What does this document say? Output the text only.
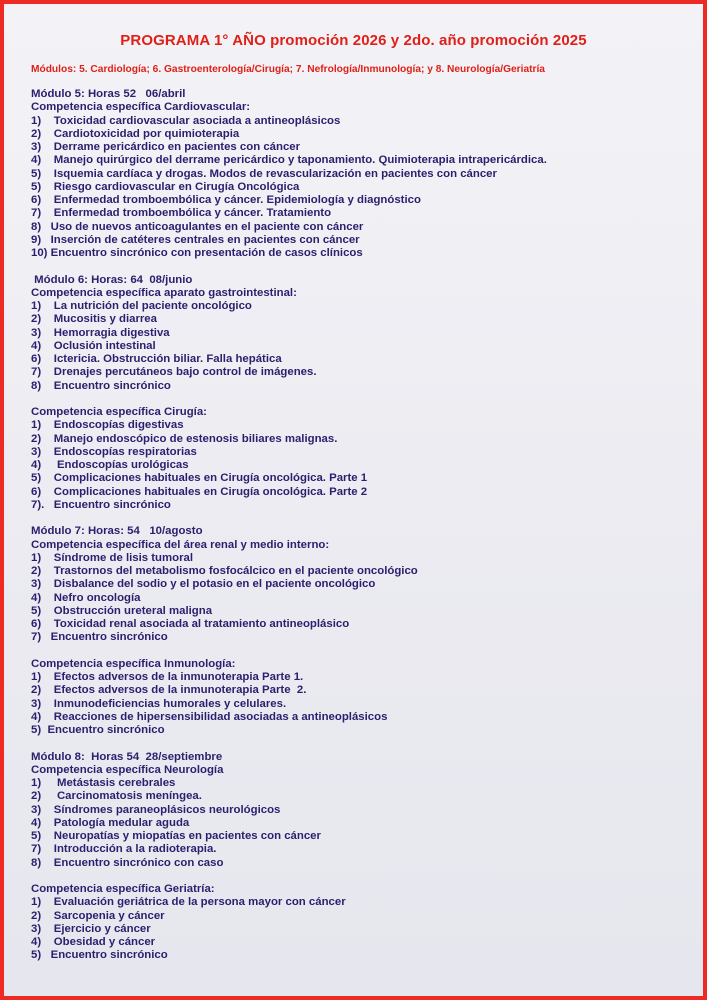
PROGRAMA 1° AÑO promoción 2026 y 2do. año promoción 2025
Módulos: 5. Cardiología; 6. Gastroenterología/Cirugía; 7. Nefrología/Inmunología; y 8. Neurología/Geriatría
Módulo 5: Horas 52   06/abril
Competencia específica Cardiovascular:
1)    Toxicidad cardiovascular asociada a antineoplásicos
2)    Cardiotoxicidad por quimioterapia
3)    Derrame pericárdico en pacientes con cáncer
4)    Manejo quirúrgico del derrame pericárdico y taponamiento. Quimioterapia intrapericárdica.
5)    Isquemia cardíaca y drogas. Modos de revascularización en pacientes con cáncer
5)    Riesgo cardiovascular en Cirugía Oncológica
6)    Enfermedad tromboembólica y cáncer. Epidemiología y diagnóstico
7)    Enfermedad tromboembólica y cáncer. Tratamiento
8)   Uso de nuevos anticoagulantes en el paciente con cáncer
9)   Inserción de catéteres centrales en pacientes con cáncer
10) Encuentro sincrónico con presentación de casos clínicos
Módulo 6: Horas: 64  08/junio
Competencia específica aparato gastrointestinal:
1)    La nutrición del paciente oncológico
2)    Mucositis y diarrea
3)    Hemorragia digestiva
4)    Oclusión intestinal
6)    Ictericia. Obstrucción biliar. Falla hepática
7)    Drenajes percutáneos bajo control de imágenes.
8)    Encuentro sincrónico
Competencia específica Cirugía:
1)    Endoscopías digestivas
2)    Manejo endoscópico de estenosis biliares malignas.
3)    Endoscopías respiratorias
4)     Endoscopías urológicas
5)    Complicaciones habituales en Cirugía oncológica. Parte 1
6)    Complicaciones habituales en Cirugía oncológica. Parte 2
7).   Encuentro sincrónico
Módulo 7: Horas: 54   10/agosto
Competencia específica del área renal y medio interno:
1)    Síndrome de lisis tumoral
2)    Trastornos del metabolismo fosfocálcico en el paciente oncológico
3)    Disbalance del sodio y el potasio en el paciente oncológico
4)    Nefro oncología
5)    Obstrucción ureteral maligna
6)    Toxicidad renal asociada al tratamiento antineoplásico
7)   Encuentro sincrónico
Competencia específica Inmunología:
1)    Efectos adversos de la inmunoterapia Parte 1.
2)    Efectos adversos de la inmunoterapia Parte  2.
3)    Inmunodeficiencias humorales y celulares.
4)    Reacciones de hipersensibilidad asociadas a antineoplásicos
5)  Encuentro sincrónico
Módulo 8:  Horas 54  28/septiembre
Competencia específica Neurología
1)     Metástasis cerebrales
2)     Carcinomatosis meníngea.
3)    Síndromes paraneoplásicos neurológicos
4)    Patología medular aguda
5)    Neuropatías y miopatías en pacientes con cáncer
7)    Introducción a la radioterapia.
8)    Encuentro sincrónico con caso
Competencia específica Geriatría:
1)    Evaluación geriátrica de la persona mayor con cáncer
2)    Sarcopenia y cáncer
3)    Ejercicio y cáncer
4)    Obesidad y cáncer
5)   Encuentro sincrónico
